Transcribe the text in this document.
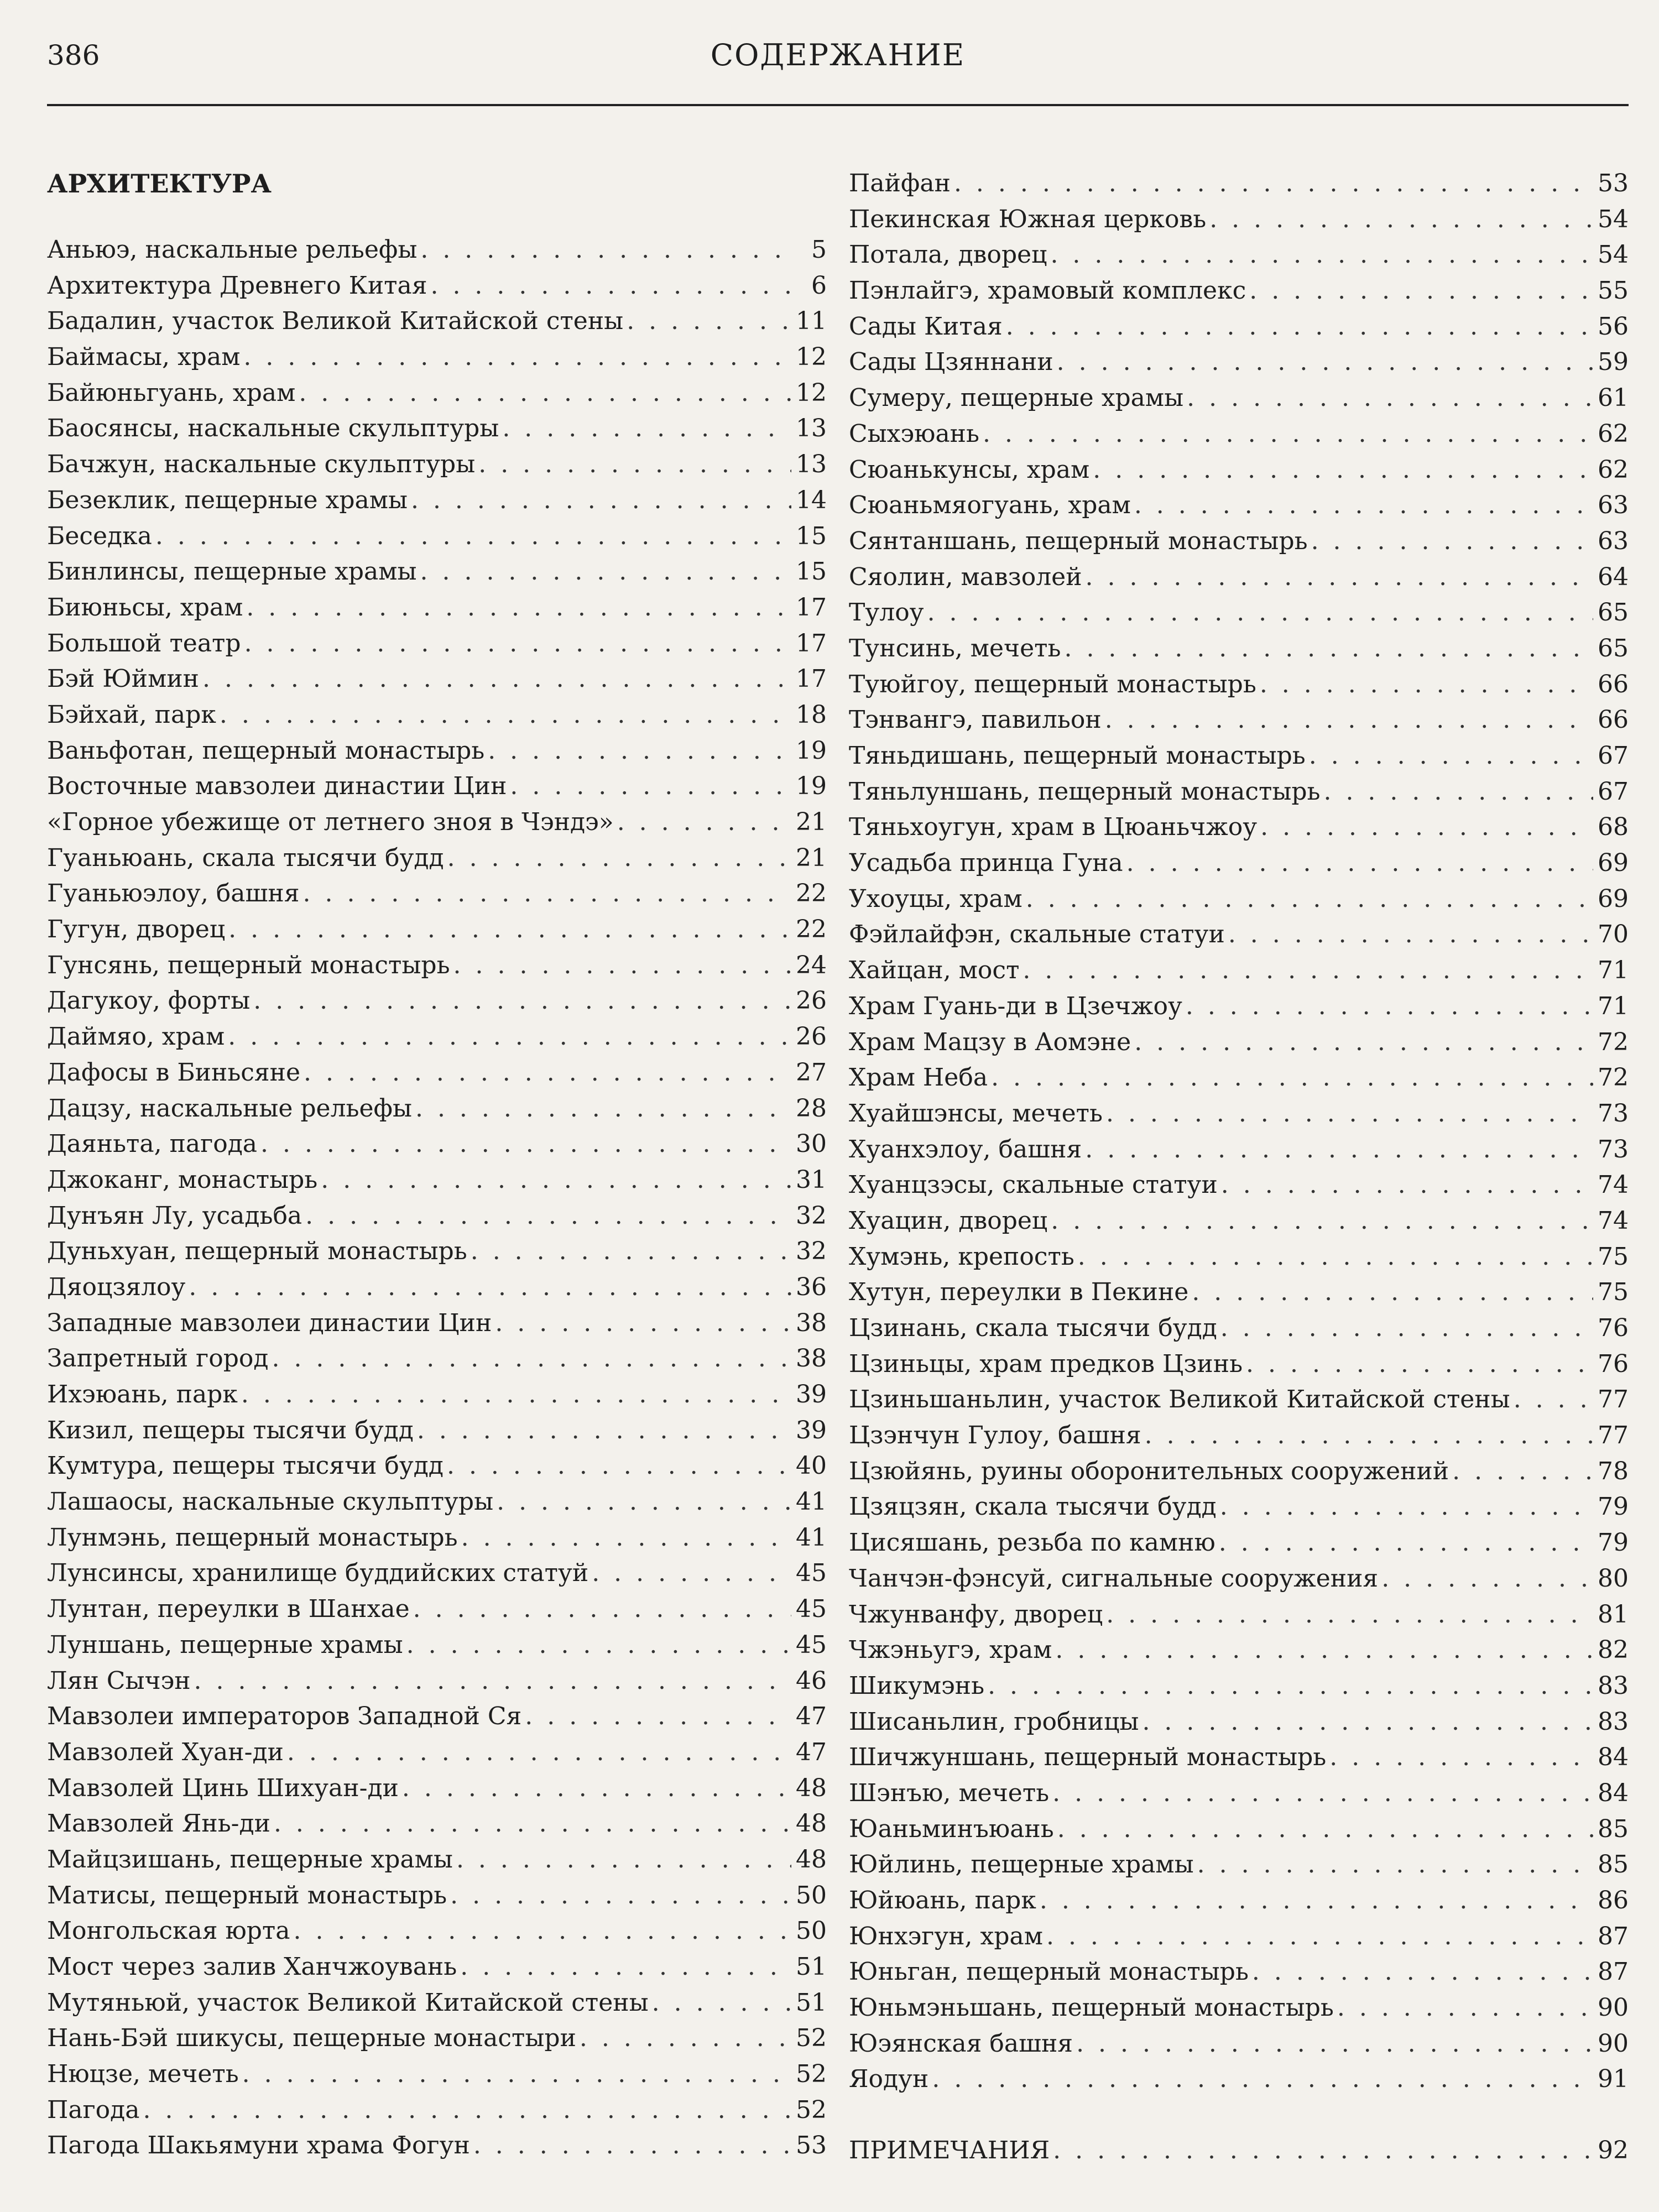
386	СОДЕРЖАНИЕ
АРХИТЕКТУРА
Аньюэ, наскальные рельефы . . .	5
Архитектура Древнего Китая . . .	6
Бадалин, участок Великой Китайской стены . . .	11
Баймасы, храм . . .	12
Байюньгуань, храм . . .	12
Баосянсы, наскальные скульптуры . . .	13
Бачжун, наскальные скульптуры . . .	13
Безеклик, пещерные храмы . . .	14
Беседка . . .	15
Бинлинсы, пещерные храмы . . .	15
Биюньсы, храм . . .	17
Большой театр . . .	17
Бэй Юймин . . .	17
Бэйхай, парк . . .	18
Ваньфотан, пещерный монастырь . . .	19
Восточные мавзолеи династии Цин . . .	19
«Горное убежище от летнего зноя в Чэндэ» . . .	21
Гуаньюань, скала тысячи будд . . .	21
Гуаньюэлоу, башня . . .	22
Гугун, дворец . . .	22
Гунсянь, пещерный монастырь . . .	24
Дагукоу, форты . . .	26
Даймяо, храм . . .	26
Дафосы в Биньсяне . . .	27
Дацзу, наскальные рельефы . . .	28
Даяньта, пагода . . .	30
Джоканг, монастырь . . .	31
Дунъян Лу, усадьба . . .	32
Дуньхуан, пещерный монастырь . . .	32
Дяоцзялоу . . .	36
Западные мавзолеи династии Цин . . .	38
Запретный город . . .	38
Ихэюань, парк . . .	39
Кизил, пещеры тысячи будд . . .	39
Кумтура, пещеры тысячи будд . . .	40
Лашаосы, наскальные скульптуры . . .	41
Лунмэнь, пещерный монастырь . . .	41
Лунсинсы, хранилище буддийских статуй . . .	45
Лунтан, переулки в Шанхае . . .	45
Луншань, пещерные храмы . . .	45
Лян Сычэн . . .	46
Мавзолеи императоров Западной Ся . . .	47
Мавзолей Хуан-ди . . .	47
Мавзолей Цинь Шихуан-ди . . .	48
Мавзолей Янь-ди . . .	48
Майцзишань, пещерные храмы . . .	48
Матисы, пещерный монастырь . . .	50
Монгольская юрта . . .	50
Мост через залив Ханчжоувань . . .	51
Мутяньюй, участок Великой Китайской стены . . .	51
Нань-Бэй шикусы, пещерные монастыри . . .	52
Нюцзе, мечеть . . .	52
Пагода . . .	52
Пагода Шакьямуни храма Фогун . . .	53
Пайфан . . .	53
Пекинская Южная церковь . . .	54
Потала, дворец . . .	54
Пэнлайгэ, храмовый комплекс . . .	55
Сады Китая . . .	56
Сады Цзяннани . . .	59
Сумеру, пещерные храмы . . .	61
Сыхэюань . . .	62
Сюанькунсы, храм . . .	62
Сюаньмяогуань, храм . . .	63
Сянтаншань, пещерный монастырь . . .	63
Сяолин, мавзолей . . .	64
Тулоу . . .	65
Тунсинь, мечеть . . .	65
Туюйгоу, пещерный монастырь . . .	66
Тэнвангэ, павильон . . .	66
Тяньдишань, пещерный монастырь . . .	67
Тяньлуншань, пещерный монастырь . . .	67
Тяньхоугун, храм в Цюаньчжоу . . .	68
Усадьба принца Гуна . . .	69
Ухоуцы, храм . . .	69
Фэйлайфэн, скальные статуи . . .	70
Хайцан, мост . . .	71
Храм Гуань-ди в Цзечжоу . . .	71
Храм Мацзу в Аомэне . . .	72
Храм Неба . . .	72
Хуайшэнсы, мечеть . . .	73
Хуанхэлоу, башня . . .	73
Хуанцзэсы, скальные статуи . . .	74
Хуацин, дворец . . .	74
Хумэнь, крепость . . .	75
Хутун, переулки в Пекине . . .	75
Цзинань, скала тысячи будд . . .	76
Цзиньцы, храм предков Цзинь . . .	76
Цзиньшаньлин, участок Великой Китайской стены . . .	77
Цзэнчун Гулоу, башня . . .	77
Цзюйянь, руины оборонительных сооружений . . .	78
Цзяцзян, скала тысячи будд . . .	79
Цисяшань, резьба по камню . . .	79
Чанчэн-фэнсуй, сигнальные сооружения . . .	80
Чжунванфу, дворец . . .	81
Чжэньугэ, храм . . .	82
Шикумэнь . . .	83
Шисаньлин, гробницы . . .	83
Шичжуншань, пещерный монастырь . . .	84
Шэнъю, мечеть . . .	84
Юаньминъюань . . .	85
Юйлинь, пещерные храмы . . .	85
Юйюань, парк . . .	86
Юнхэгун, храм . . .	87
Юньган, пещерный монастырь . . .	87
Юньмэньшань, пещерный монастырь . . .	90
Юэянская башня . . .	90
Яодун . . .	91
ПРИМЕЧАНИЯ . . .	92
